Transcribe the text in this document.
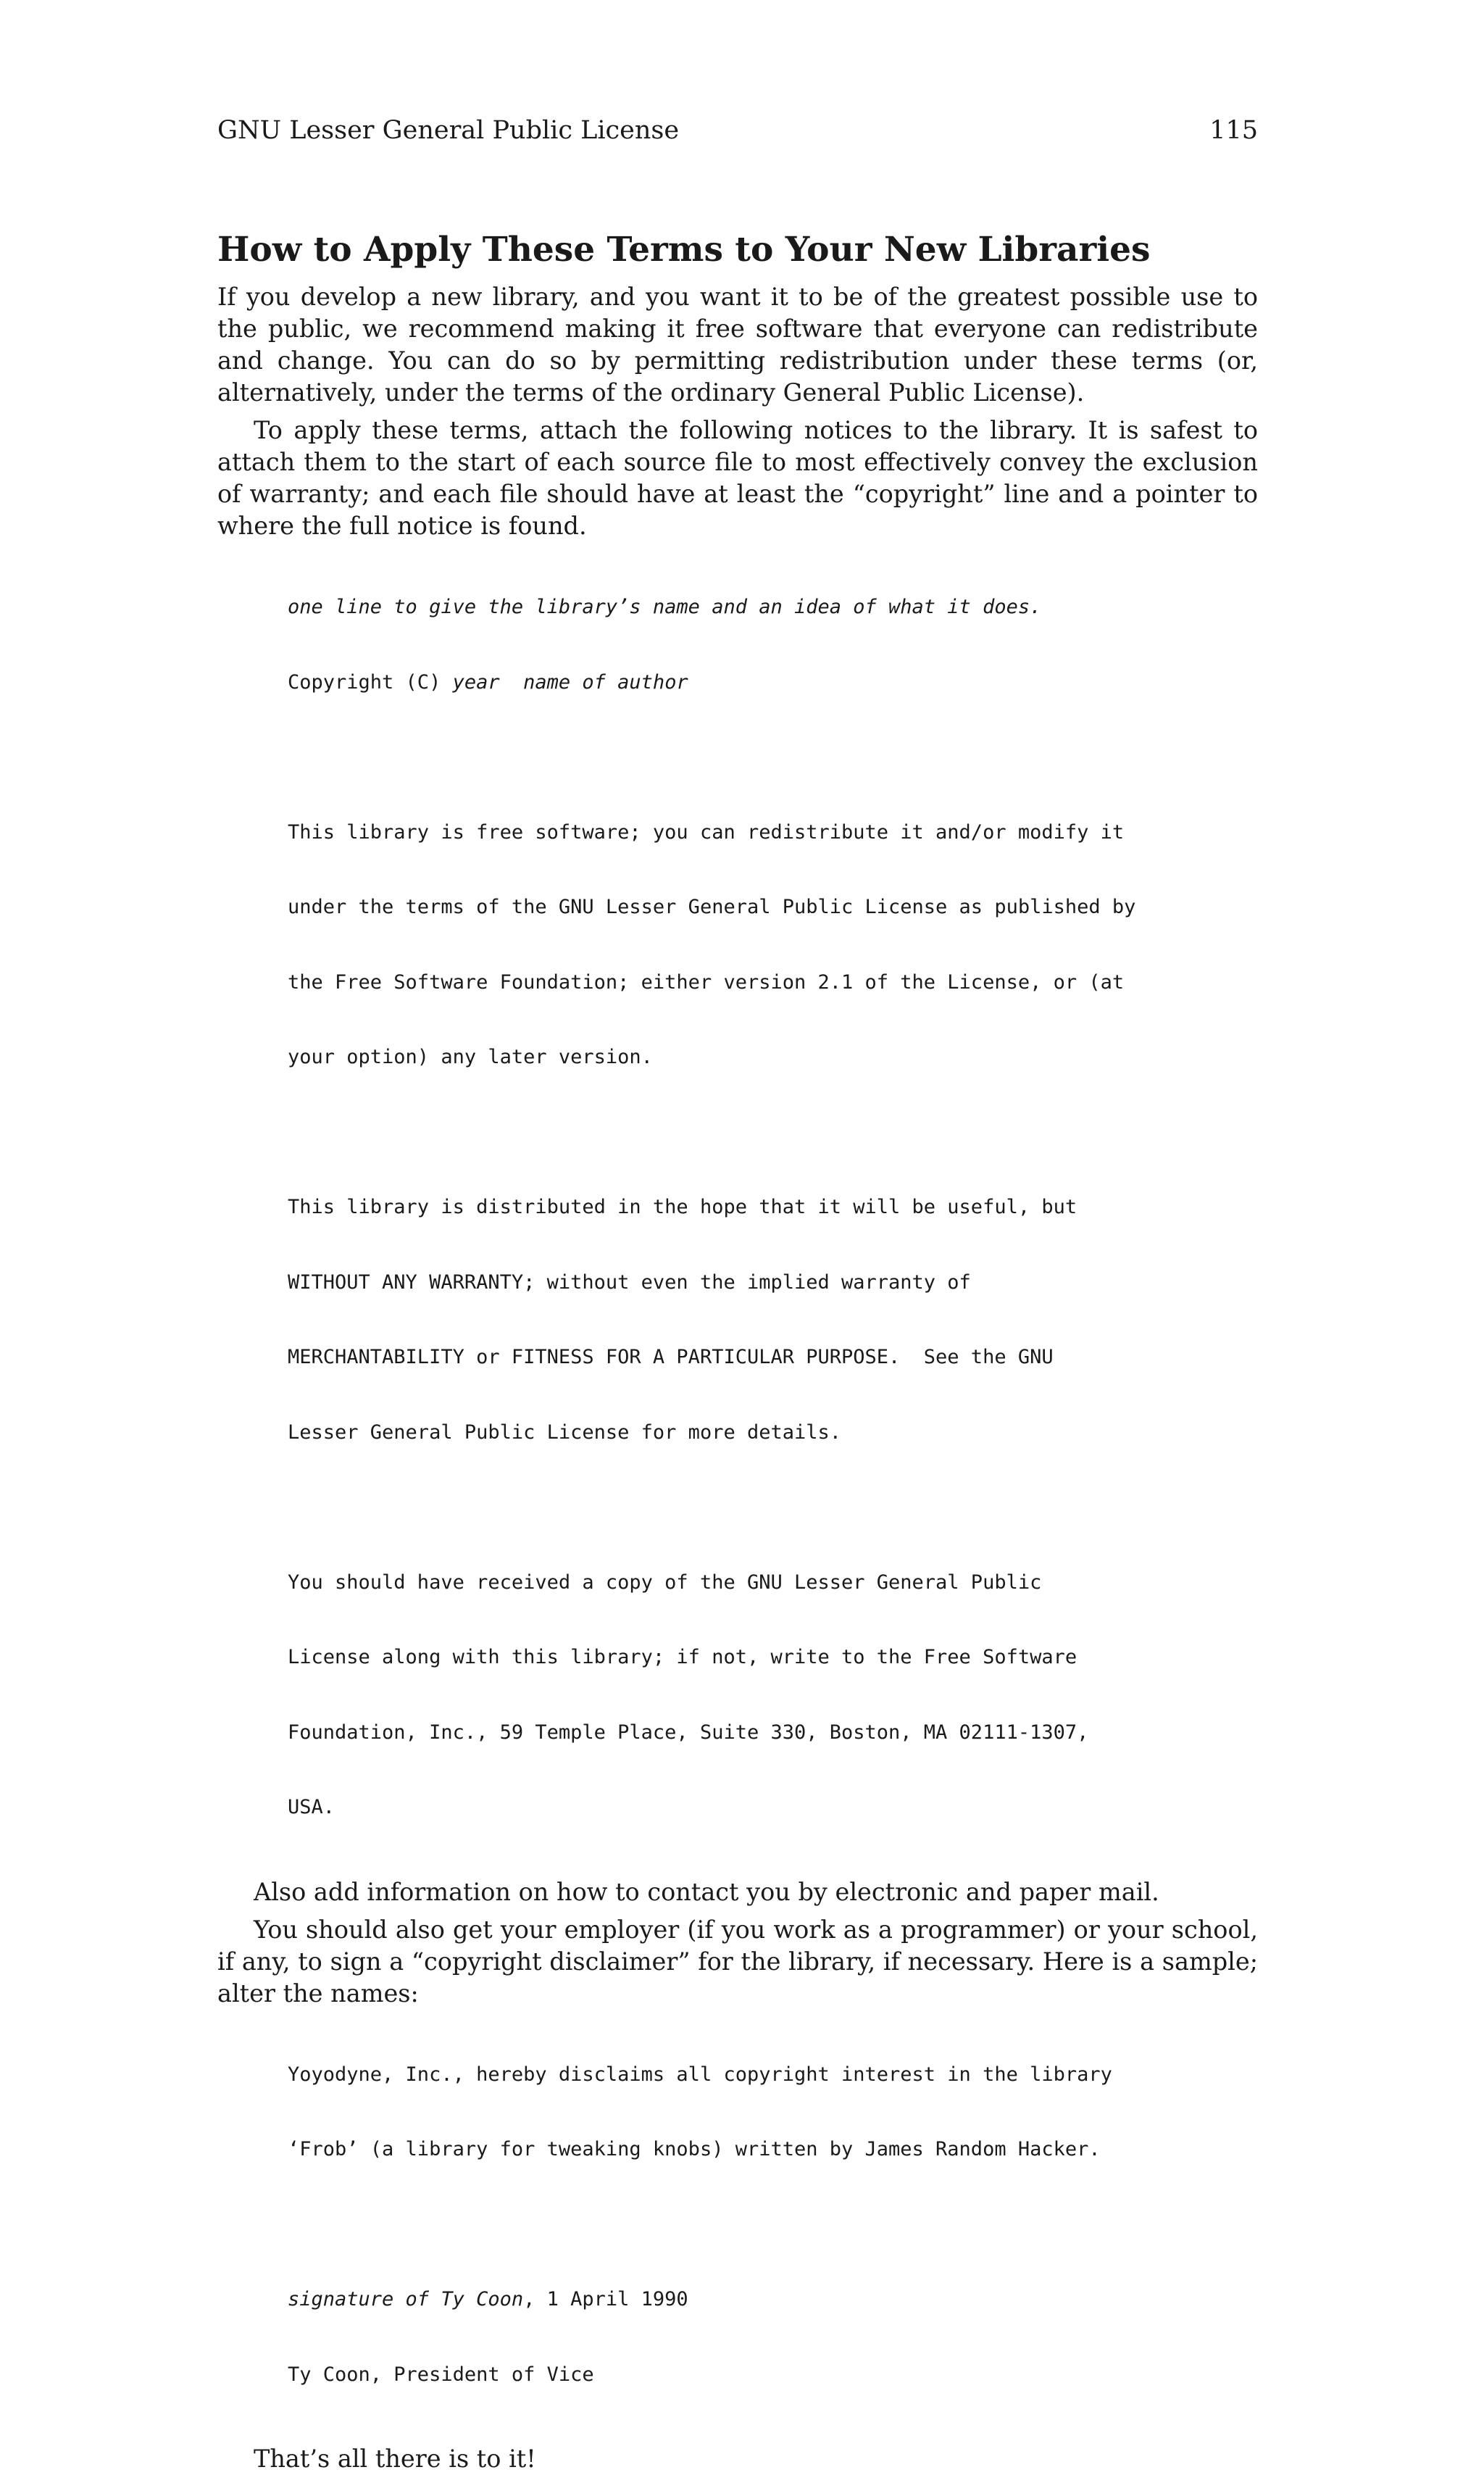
GNU Lesser General Public License	115
How to Apply These Terms to Your New Libraries

If you develop a new library, and you want it to be of the greatest possible use to the public, we recommend making it free software that everyone can redistribute and change. You can do so by permitting redistribution under these terms (or, alternatively, under the terms of the ordinary General Public License).

To apply these terms, attach the following notices to the library. It is safest to attach them to the start of each source file to most effectively convey the exclusion of warranty; and each file should have at least the “copyright” line and a pointer to where the full notice is found.

one line to give the library’s name and an idea of what it does.

Copyright (C) year name of author

This library is free software; you can redistribute it and/or modify it

under the terms of the GNU Lesser General Public License as published by

the Free Software Foundation; either version 2.1 of the License, or (at

your option) any later version.

This library is distributed in the hope that it will be useful, but

WITHOUT ANY WARRANTY; without even the implied warranty of

MERCHANTABILITY or FITNESS FOR A PARTICULAR PURPOSE.  See the GNU

Lesser General Public License for more details.

You should have received a copy of the GNU Lesser General Public

License along with this library; if not, write to the Free Software

Foundation, Inc., 59 Temple Place, Suite 330, Boston, MA 02111-1307,

USA.

Also add information on how to contact you by electronic and paper mail.

You should also get your employer (if you work as a programmer) or your school, if any, to sign a “copyright disclaimer” for the library, if necessary. Here is a sample; alter the names:

Yoyodyne, Inc., hereby disclaims all copyright interest in the library

‘Frob’ (a library for tweaking knobs) written by James Random Hacker.

signature of Ty Coon, 1 April 1990

Ty Coon, President of Vice

That’s all there is to it!
